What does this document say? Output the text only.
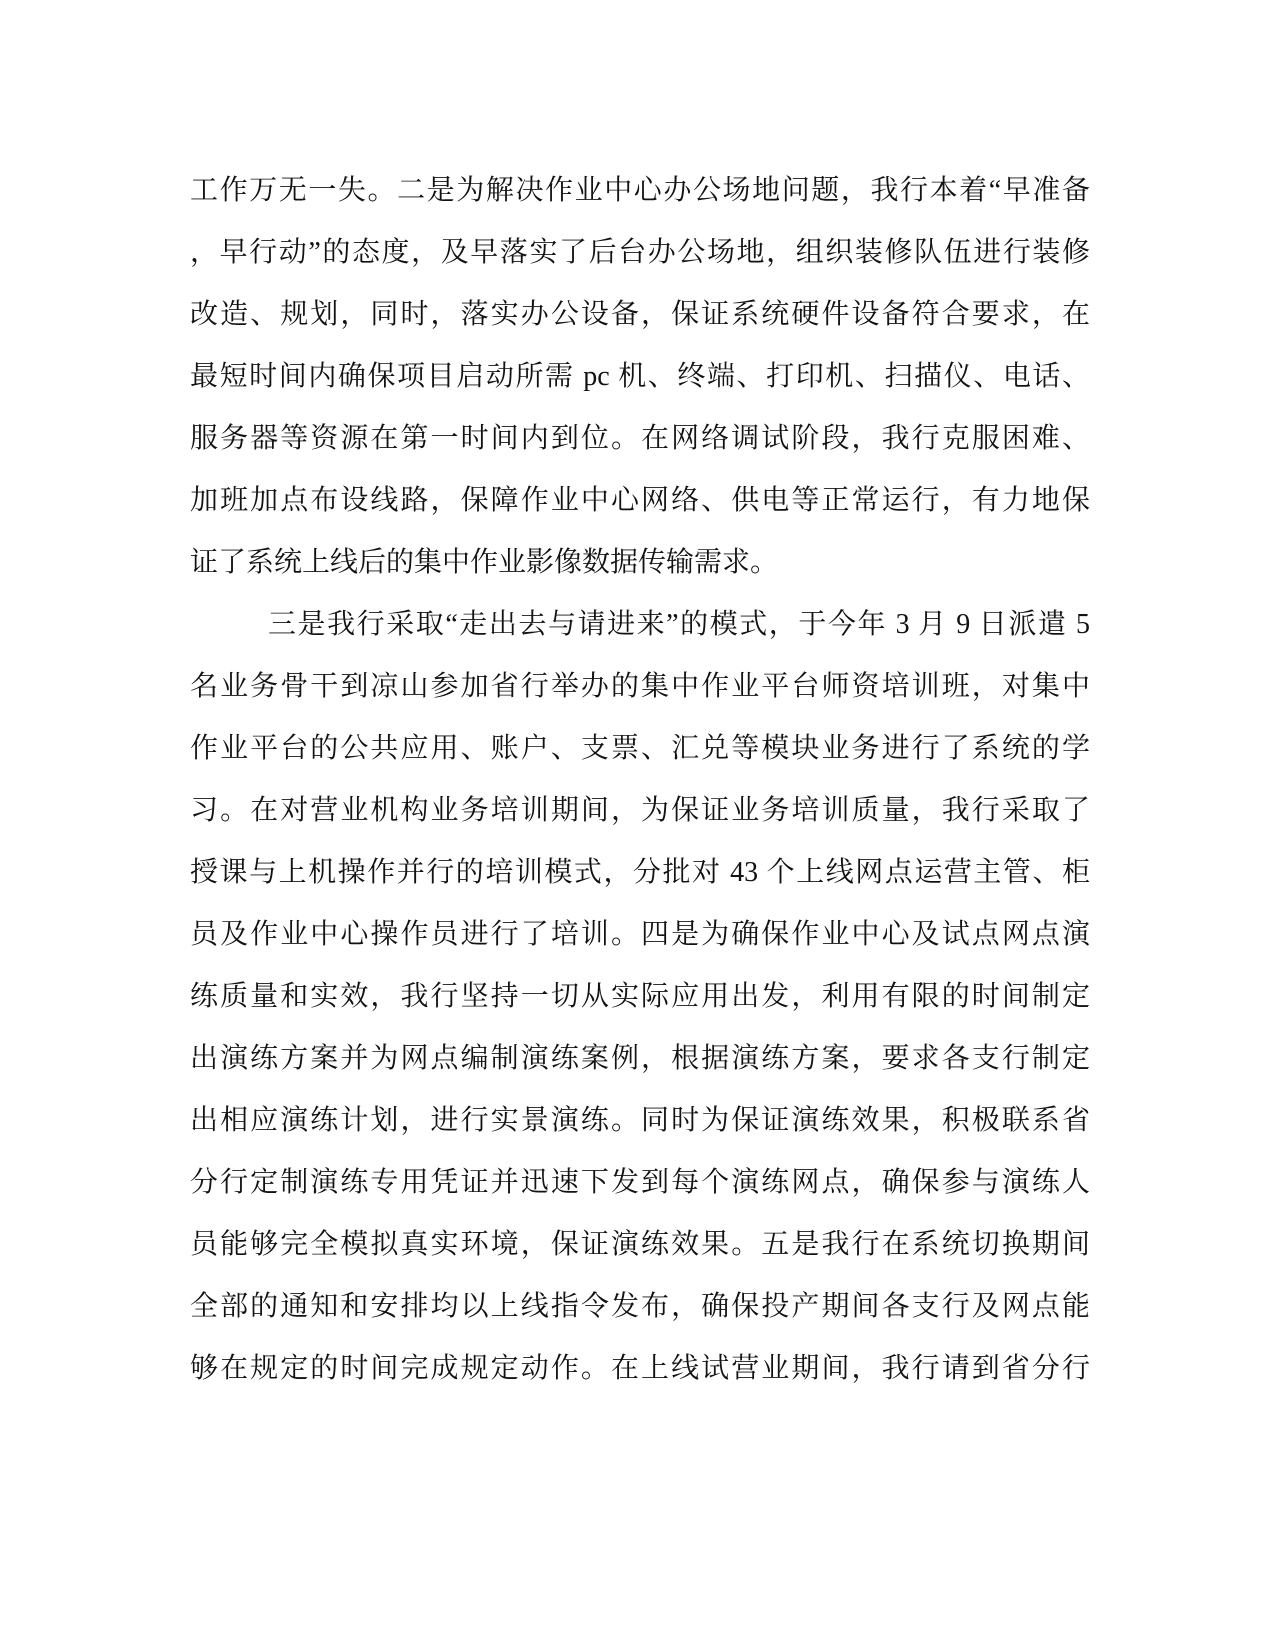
工作万无一失。二是为解决作业中心办公场地问题，我行本着“早准备
，早行动”的态度，及早落实了后台办公场地，组织装修队伍进行装修
改造、规划，同时，落实办公设备，保证系统硬件设备符合要求，在
最短时间内确保项目启动所需 pc 机、终端、打印机、扫描仪、电话、
服务器等资源在第一时间内到位。在网络调试阶段，我行克服困难、
加班加点布设线路，保障作业中心网络、供电等正常运行，有力地保
证了系统上线后的集中作业影像数据传输需求。

三是我行采取“走出去与请进来”的模式，于今年 3 月 9 日派遣 5
名业务骨干到凉山参加省行举办的集中作业平台师资培训班，对集中
作业平台的公共应用、账户、支票、汇兑等模块业务进行了系统的学
习。在对营业机构业务培训期间，为保证业务培训质量，我行采取了
授课与上机操作并行的培训模式，分批对 43 个上线网点运营主管、柜
员及作业中心操作员进行了培训。四是为确保作业中心及试点网点演
练质量和实效，我行坚持一切从实际应用出发，利用有限的时间制定
出演练方案并为网点编制演练案例，根据演练方案，要求各支行制定
出相应演练计划，进行实景演练。同时为保证演练效果，积极联系省
分行定制演练专用凭证并迅速下发到每个演练网点，确保参与演练人
员能够完全模拟真实环境，保证演练效果。五是我行在系统切换期间
全部的通知和安排均以上线指令发布，确保投产期间各支行及网点能
够在规定的时间完成规定动作。在上线试营业期间，我行请到省分行
